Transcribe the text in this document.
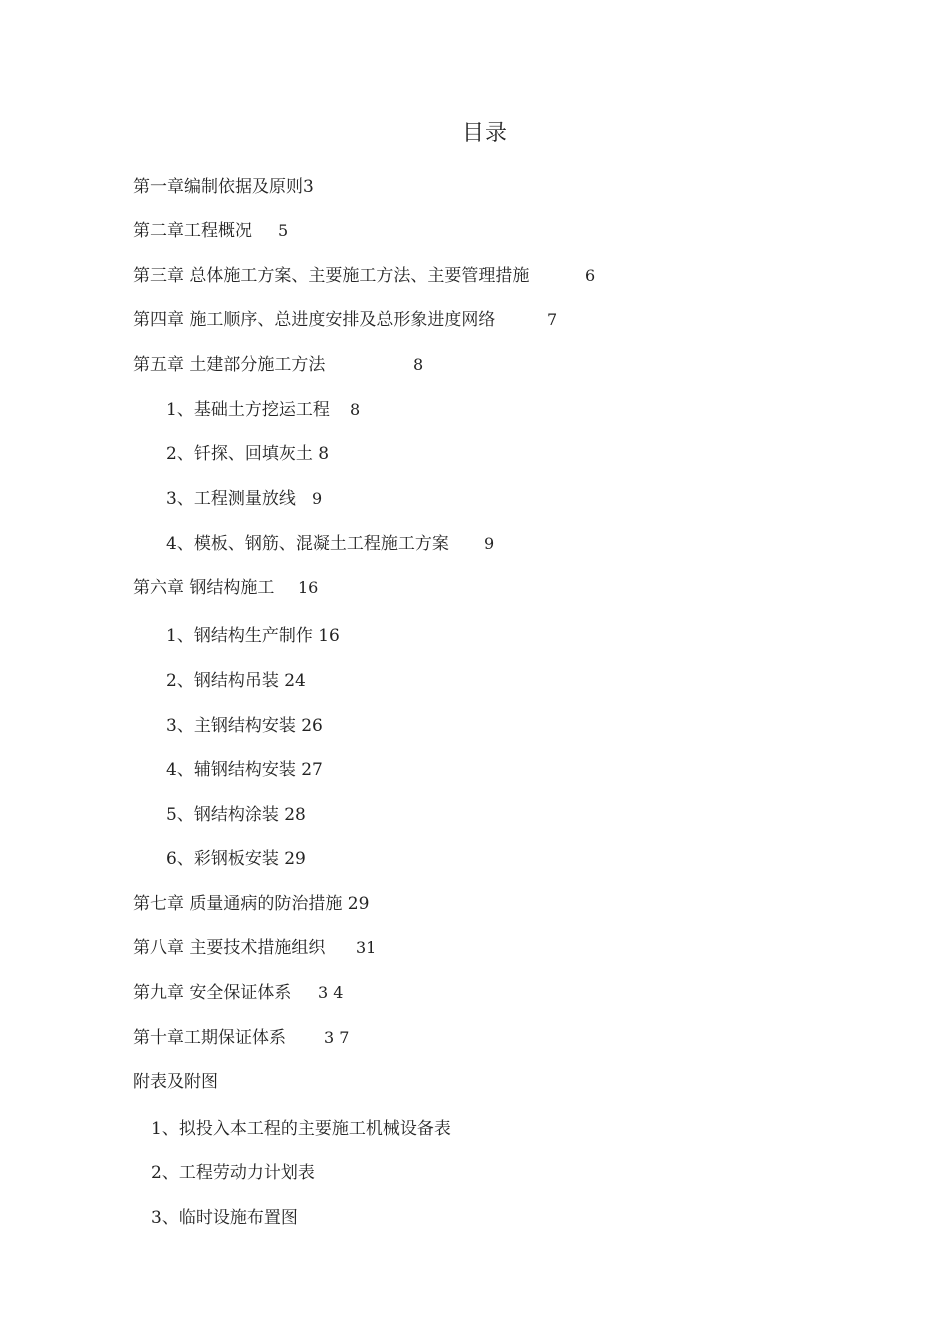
目录
第一章编制依据及原则3
第二章工程概况 5
第三章 总体施工方案、主要施工方法、主要管理措施	6
第四章 施工顺序、总进度安排及总形象进度网络	7
第五章 土建部分施工方法	8
1、基础土方挖运工程 8
2、钎探、回填灰土 8
3、工程测量放线 9
4、模板、钢筋、混凝土工程施工方案 9
第六章 钢结构施工 16
1、钢结构生产制作 16
2、钢结构吊装 24
3、主钢结构安装 26
4、辅钢结构安装 27
5、钢结构涂装 28
6、彩钢板安装 29
第七章 质量通病的防治措施 29
第八章 主要技术措施组织 31
第九章 安全保证体系 3 4
第十章工期保证体系 3 7
附表及附图
1、拟投入本工程的主要施工机械设备表
2、工程劳动力计划表
3、临时设施布置图
